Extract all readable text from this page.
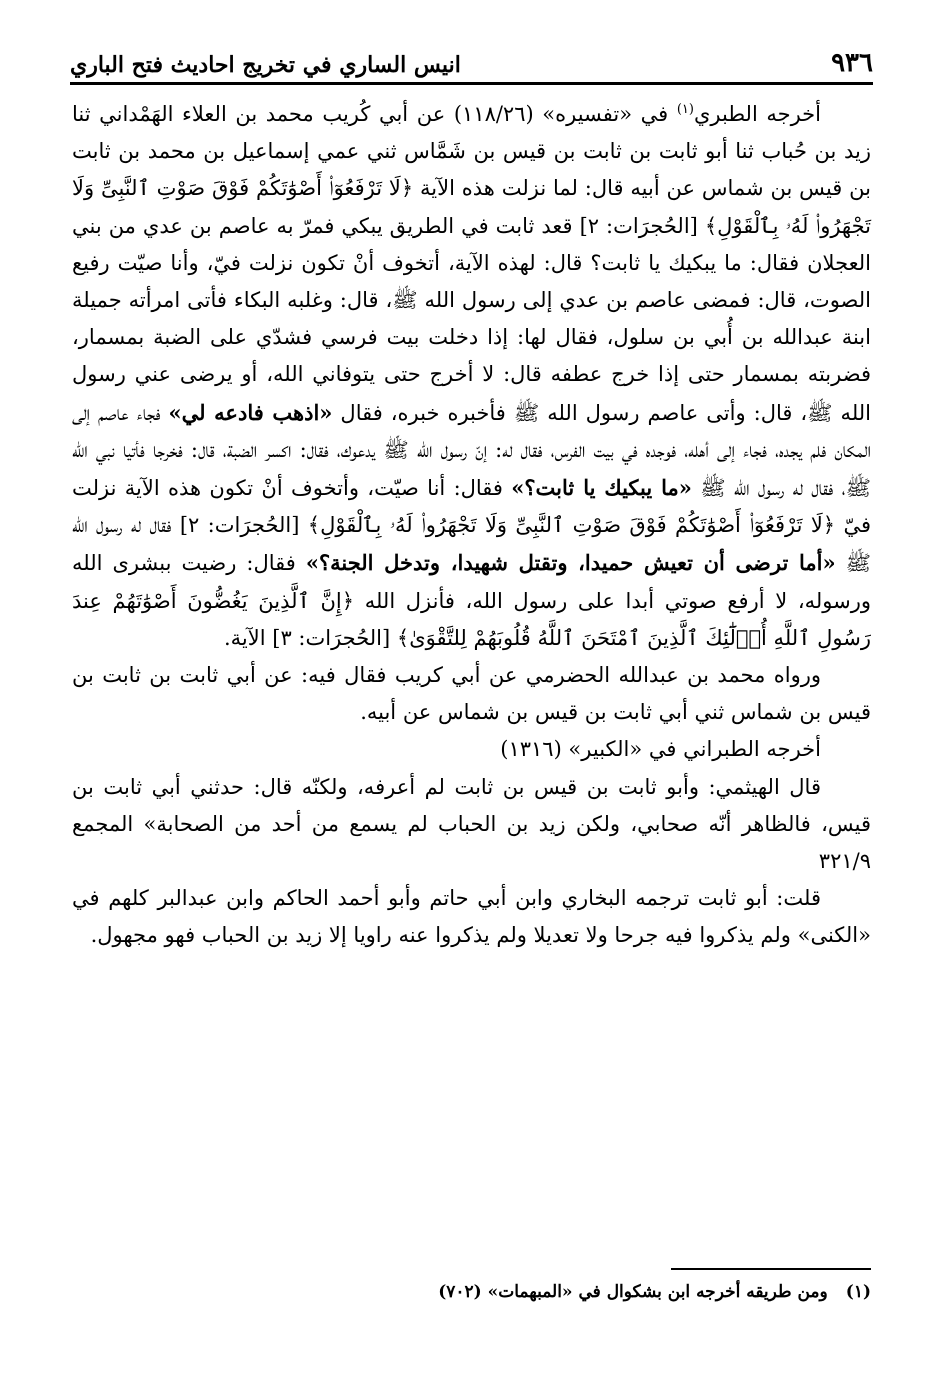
٩٣٦
انيس الساري في تخريج احاديث فتح الباري

أخرجه الطبري$^{(١)}$ في «تفسيره» (١١٨/٢٦) عن أبي كُريب محمد بن العلاء الهَمْداني ثنا زيد بن حُباب ثنا أبو ثابت بن ثابت بن قيس بن شَمَّاس ثني عمي إسماعيل بن محمد بن ثابت بن قيس بن شماس عن أبيه قال: لما نزلت هذه الآية ﴿لَا تَرْفَعُوٓا۟ أَصْوَٰتَكُمْ فَوْقَ صَوْتِ ٱلنَّبِىِّ وَلَا تَجْهَرُوا۟ لَهُۥ بِٱلْقَوْلِ﴾ [الحُجرَات: ٢] قعد ثابت في الطريق يبكي فمرّ به عاصم بن عدي من بني العجلان فقال: ما يبكيك يا ثابت؟ قال: لهذه الآية، أتخوف أنْ تكون نزلت فيّ، وأنا صيّت رفيع الصوت، قال: فمضى عاصم بن عدي إلى رسول الله ﷺ، قال: وغلبه البكاء فأتى امرأته جميلة ابنة عبدالله بن أُبي بن سلول، فقال لها: إذا دخلت بيت فرسي فشدّي على الضبة بمسمار، فضربته بمسمار حتى إذا خرج عطفه قال: لا أخرج حتى يتوفاني الله، أو يرضى عني رسول الله ﷺ، قال: وأتى عاصم رسول الله ﷺ فأخبره خبره، فقال «اذهب فادعه لي» فجاء عاصم إلى المكان فلم يجده، فجاء إلى أهله، فوجده في بيت الفرس، فقال له: إنّ رسول الله ﷺ يدعوك، فقال: اكسر الضبة، قال: فخرجا فأتيا نبي الله ﷺ، فقال له رسول الله ﷺ «ما يبكيك يا ثابت؟» فقال: أنا صيّت، وأتخوف أنْ تكون هذه الآية نزلت فيّ ﴿لَا تَرْفَعُوٓا۟ أَصْوَٰتَكُمْ فَوْقَ صَوْتِ ٱلنَّبِىِّ وَلَا تَجْهَرُوا۟ لَهُۥ بِٱلْقَوْلِ﴾ [الحُجرَات: ٢] فقال له رسول الله ﷺ «أما ترضى أن تعيش حميدا، وتقتل شهيدا، وتدخل الجنة؟» فقال: رضيت ببشرى الله ورسوله، لا أرفع صوتي أبدا على رسول الله، فأنزل الله ﴿إِنَّ ٱلَّذِينَ يَغُضُّونَ أَصْوَٰتَهُمْ عِندَ رَسُولِ ٱللَّهِ أُو۟لَٰٓئِكَ ٱلَّذِينَ ٱمْتَحَنَ ٱللَّهُ قُلُوبَهُمْ لِلتَّقْوَىٰ﴾ [الحُجرَات: ٣] الآية.

ورواه محمد بن عبدالله الحضرمي عن أبي كريب فقال فيه: عن أبي ثابت بن ثابت بن قيس بن شماس ثني أبي ثابت بن قيس بن شماس عن أبيه.

أخرجه الطبراني في «الكبير» (١٣١٦)

قال الهيثمي: وأبو ثابت بن قيس بن ثابت لم أعرفه، ولكنّه قال: حدثني أبي ثابت بن قيس، فالظاهر أنّه صحابي، ولكن زيد بن الحباب لم يسمع من أحد من الصحابة» المجمع ٣٢١/٩

قلت: أبو ثابت ترجمه البخاري وابن أبي حاتم وأبو أحمد الحاكم وابن عبدالبر كلهم في «الكنى» ولم يذكروا فيه جرحا ولا تعديلا ولم يذكروا عنه راويا إلا زيد بن الحباب فهو مجهول.

(١)ومن طريقه أخرجه ابن بشكوال في «المبهمات» (٧٠٢)
